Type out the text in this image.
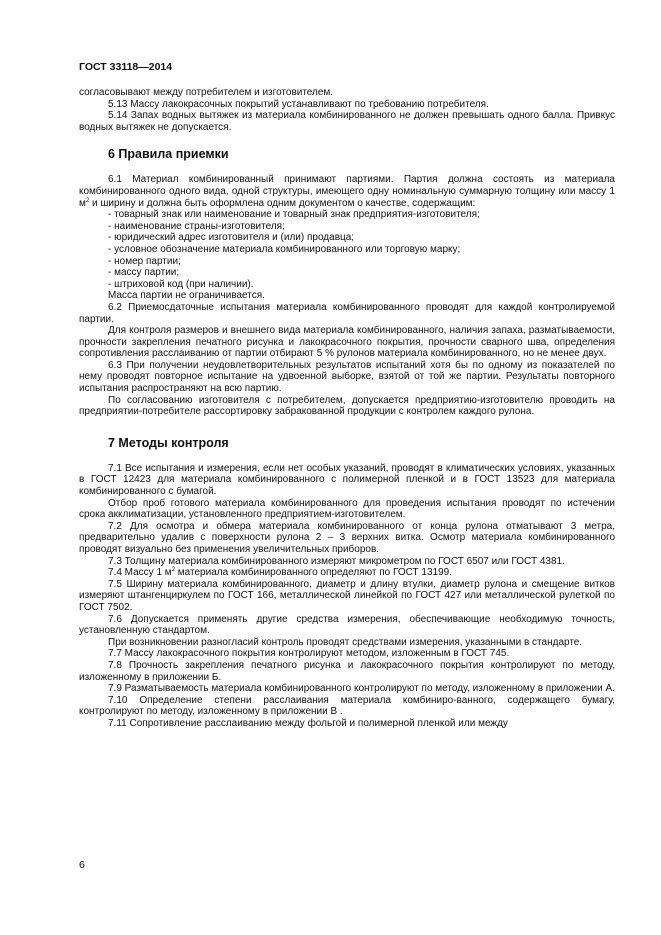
ГОСТ 33118—2014

согласовывают между потребителем и изготовителем.

5.13 Массу лакокрасочных покрытий устанавливают по требованию потребителя.

5.14 Запах водных вытяжек из материала комбинированного не должен превышать одного балла. Привкус водных вытяжек не допускается.

6 Правила приемки

6.1 Материал комбинированный принимают партиями. Партия должна состоять из материала комбинированного одного вида, одной структуры, имеющего одну номинальную суммарную толщину или массу 1 $м^2$ и ширину и должна быть оформлена одним документом о качестве, содержащим:

- товарный знак или наименование и товарный знак предприятия-изготовителя;

- наименование страны-изготовителя;

- юридический адрес изготовителя и (или) продавца;

- условное обозначение материала комбинированного или торговую марку;

- номер партии;

- массу партии;

- штриховой код (при наличии).

Масса партии не ограничивается.

6.2 Приемосдаточные испытания материала комбинированного проводят для каждой контролируемой партии.

Для контроля размеров и внешнего вида материала комбинированного, наличия запаха, разматываемости, прочности закрепления печатного рисунка и лакокрасочного покрытия, прочности сварного шва, определения сопротивления расслаиванию от партии отбирают 5 % рулонов материала комбинированного, но не менее двух.

6.3 При получении неудовлетворительных результатов испытаний хотя бы по одному из показателей по нему проводят повторное испытание на удвоенной выборке, взятой от той же партии. Результаты повторного испытания распространяют на всю партию.

По согласованию изготовителя с потребителем, допускается предприятию-изготовителю проводить на предприятии-потребителе рассортировку забракованной продукции с контролем каждого рулона.

7 Методы контроля

7.1 Все испытания и измерения, если нет особых указаний, проводят в климатических условиях, указанных в ГОСТ 12423 для материала комбинированного с полимерной пленкой и в ГОСТ 13523 для материала комбинированного с бумагой.

Отбор проб готового материала комбинированного для проведения испытания проводят по истечении срока акклиматизации, установленного предприятием-изготовителем.

7.2 Для осмотра и обмера материала комбинированного от конца рулона отматывают 3 метра, предварительно удалив с поверхности рулона 2 – 3 верхних витка. Осмотр материала комбинированного проводят визуально без применения увеличительных приборов.

7.3 Толщину материала комбинированного измеряют микрометром по ГОСТ 6507 или ГОСТ 4381.

7.4 Массу 1 $м^2$ материала комбинированного определяют по ГОСТ 13199.

7.5 Ширину материала комбинированного, диаметр и длину втулки, диаметр рулона и смещение витков измеряют штангенциркулем по ГОСТ 166, металлической линейкой по ГОСТ 427 или металлической рулеткой по ГОСТ 7502.

7.6 Допускается применять другие средства измерения, обеспечивающие необходимую точность, установленную стандартом.

При возникновении разногласий контроль проводят средствами измерения, указанными в стандарте.

7.7 Массу лакокрасочного покрытия контролируют методом, изложенным в ГОСТ 745.

7.8 Прочность закрепления печатного рисунка и лакокрасочного покрытия контролируют по методу, изложенному в приложении Б.

7.9 Разматываемость материала комбинированного контролируют по методу, изложенному в приложении А.

7.10 Определение степени расслаивания материала комбиниро-ванного, содержащего бумагу, контролируют по методу, изложенному в приложении В .

7.11 Сопротивление расслаиванию между фольгой и полимерной пленкой или между

6
